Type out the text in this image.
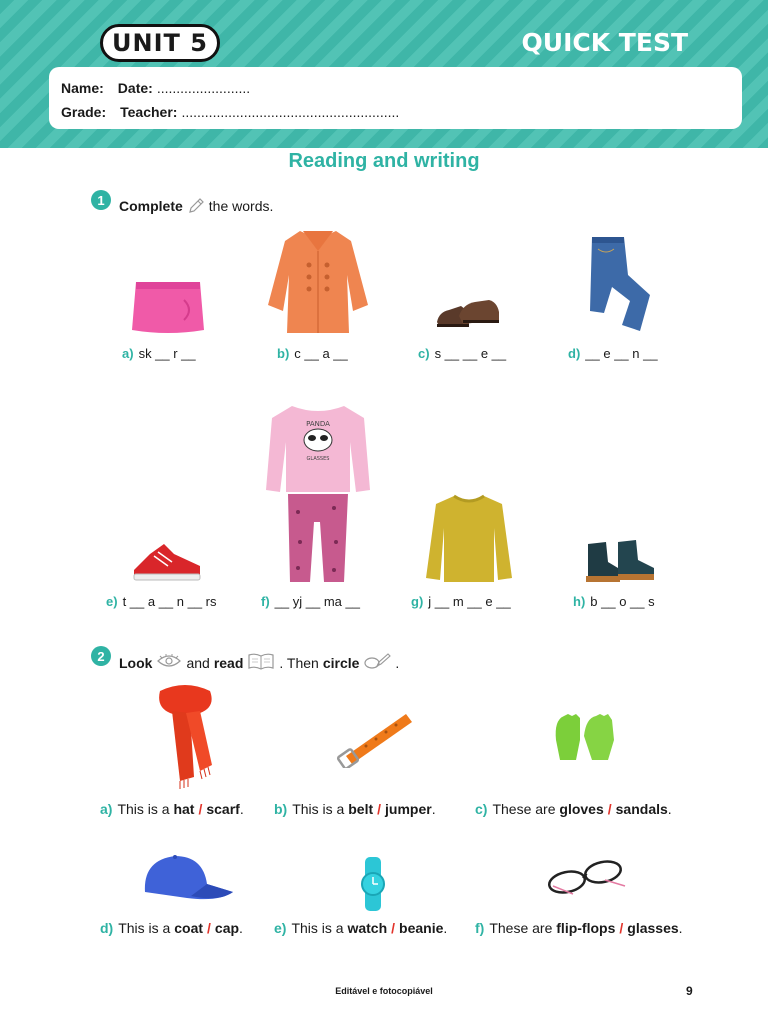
UNIT 5	QUICK TEST
Name: Date: ........................
Grade: Teacher: ........................................................
Reading and writing
1	Complete the words.
a) sk __ r __	b) c __ a __	c) s __ __ e __	d) __ e __ n __
PANDA
GLASSES
e) t __ a __ n __ rs	f) __ yj __ ma __	g) j __ m __ e __	h) b __ o __ s
2	Look and read	. Then circle	.
a) This is a hat / scarf. b) This is a belt / jumper.	c) These are gloves / sandals.
d) This is a coat / cap. e) This is a watch / beanie. f) These are flip-flops / glasses.
Editável e fotocopiável	9
